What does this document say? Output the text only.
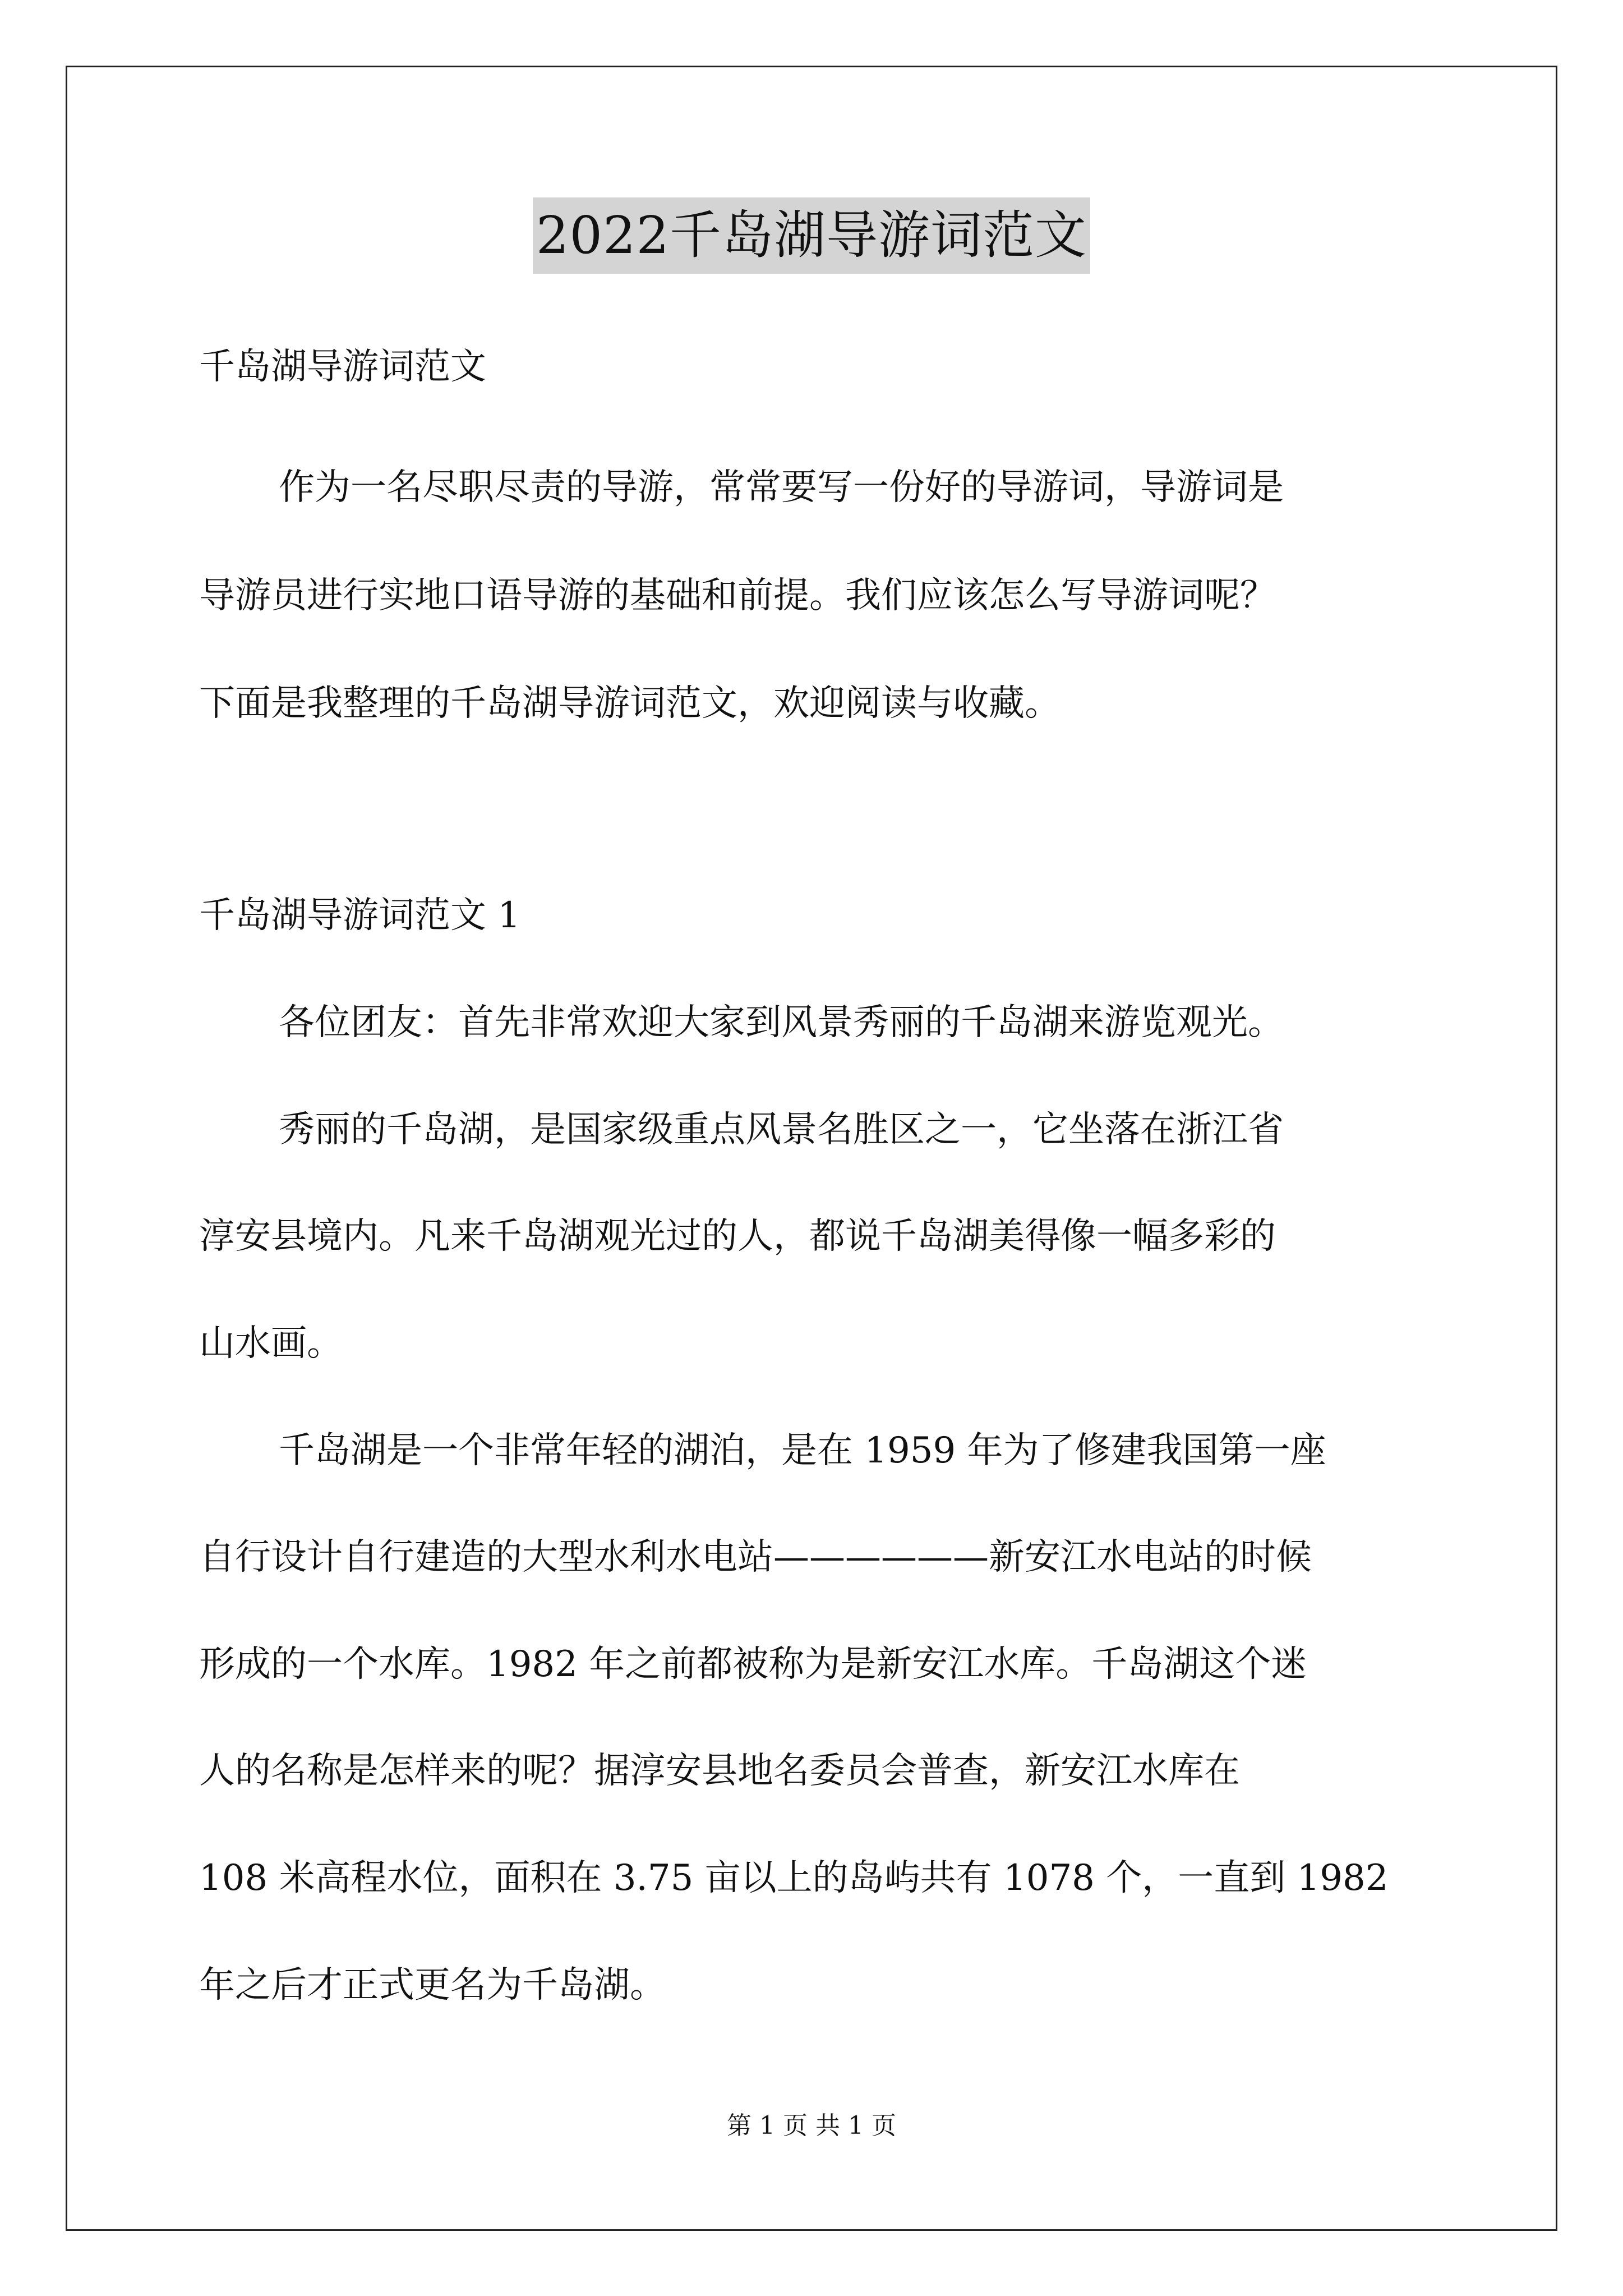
2022千岛湖导游词范文
千岛湖导游词范文
作为一名尽职尽责的导游，常常要写一份好的导游词，导游词是
导游员进行实地口语导游的基础和前提。我们应该怎么写导游词呢？
下面是我整理的千岛湖导游词范文，欢迎阅读与收藏。
千岛湖导游词范文 1
各位团友：首先非常欢迎大家到风景秀丽的千岛湖来游览观光。
秀丽的千岛湖，是国家级重点风景名胜区之一，它坐落在浙江省
淳安县境内。凡来千岛湖观光过的人，都说千岛湖美得像一幅多彩的
山水画。
千岛湖是一个非常年轻的湖泊，是在 1959 年为了修建我国第一座
自行设计自行建造的大型水利水电站——————新安江水电站的时候
形成的一个水库。1982 年之前都被称为是新安江水库。千岛湖这个迷
人的名称是怎样来的呢？据淳安县地名委员会普查，新安江水库在
108 米高程水位，面积在 3.75 亩以上的岛屿共有 1078 个，一直到 1982
年之后才正式更名为千岛湖。
第 1 页 共 1 页
